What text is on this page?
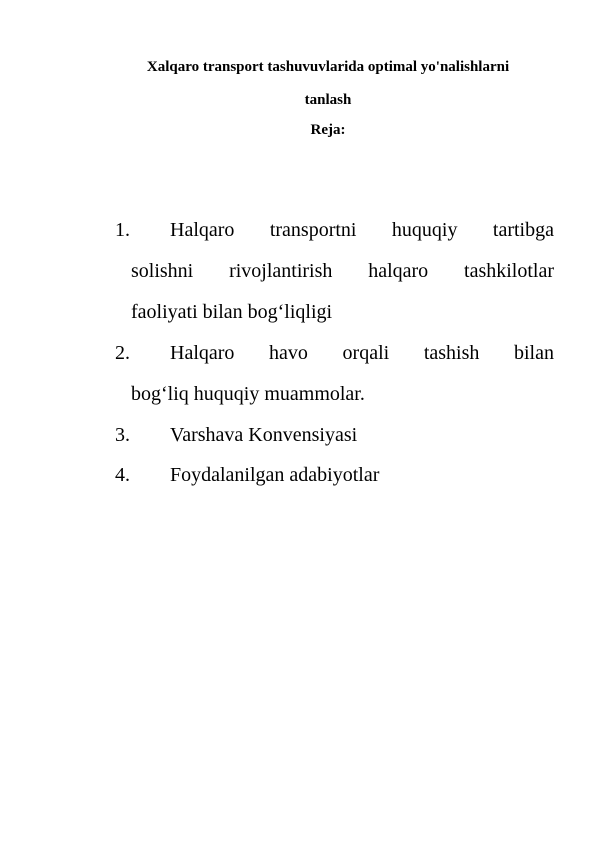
Xalqaro transport tashuvuvlarida optimal yo'nalishlarni

tanlash

Reja:

1. Halqaro transportni huquqiy tartibga
solishni rivojlantirish halqaro tashkilotlar
faoliyati bilan bog‘liqligi
2. Halqaro havo orqali tashish bilan
bog‘liq huquqiy muammolar.
3. Varshava Konvensiyasi
4. Foydalanilgan adabiyotlar
